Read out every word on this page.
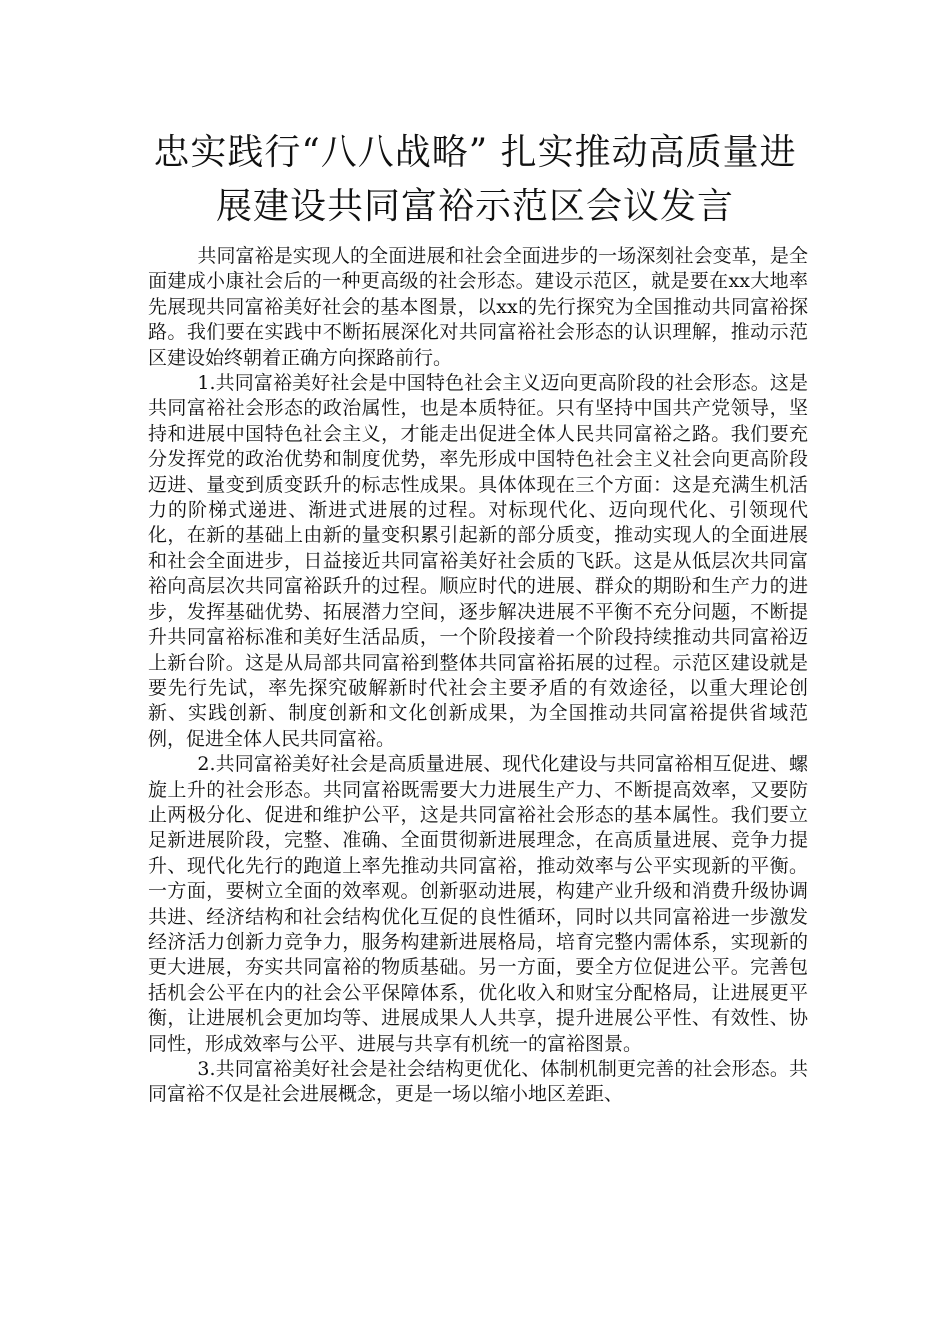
忠实践行“八八战略” 扎实推动高质量进展建设共同富裕示范区会议发言

共同富裕是实现人的全面进展和社会全面进步的一场深刻社会变革，是全面建成小康社会后的一种更高级的社会形态。建设示范区，就是要在xx大地率先展现共同富裕美好社会的基本图景，以xx的先行探究为全国推动共同富裕探路。我们要在实践中不断拓展深化对共同富裕社会形态的认识理解，推动示范区建设始终朝着正确方向探路前行。

1.共同富裕美好社会是中国特色社会主义迈向更高阶段的社会形态。这是共同富裕社会形态的政治属性，也是本质特征。只有坚持中国共产党领导，坚持和进展中国特色社会主义，才能走出促进全体人民共同富裕之路。我们要充分发挥党的政治优势和制度优势，率先形成中国特色社会主义社会向更高阶段迈进、量变到质变跃升的标志性成果。具体体现在三个方面：这是充满生机活力的阶梯式递进、渐进式进展的过程。对标现代化、迈向现代化、引领现代化，在新的基础上由新的量变积累引起新的部分质变，推动实现人的全面进展和社会全面进步，日益接近共同富裕美好社会质的飞跃。这是从低层次共同富裕向高层次共同富裕跃升的过程。顺应时代的进展、群众的期盼和生产力的进步，发挥基础优势、拓展潜力空间，逐步解决进展不平衡不充分问题，不断提升共同富裕标准和美好生活品质，一个阶段接着一个阶段持续推动共同富裕迈上新台阶。这是从局部共同富裕到整体共同富裕拓展的过程。示范区建设就是要先行先试，率先探究破解新时代社会主要矛盾的有效途径，以重大理论创新、实践创新、制度创新和文化创新成果，为全国推动共同富裕提供省域范例，促进全体人民共同富裕。

2.共同富裕美好社会是高质量进展、现代化建设与共同富裕相互促进、螺旋上升的社会形态。共同富裕既需要大力进展生产力、不断提高效率，又要防止两极分化、促进和维护公平，这是共同富裕社会形态的基本属性。我们要立足新进展阶段，完整、准确、全面贯彻新进展理念，在高质量进展、竞争力提升、现代化先行的跑道上率先推动共同富裕，推动效率与公平实现新的平衡。一方面，要树立全面的效率观。创新驱动进展，构建产业升级和消费升级协调共进、经济结构和社会结构优化互促的良性循环，同时以共同富裕进一步激发经济活力创新力竞争力，服务构建新进展格局，培育完整内需体系，实现新的更大进展，夯实共同富裕的物质基础。另一方面，要全方位促进公平。完善包括机会公平在内的社会公平保障体系，优化收入和财宝分配格局，让进展更平衡，让进展机会更加均等、进展成果人人共享，提升进展公平性、有效性、协同性，形成效率与公平、进展与共享有机统一的富裕图景。

3.共同富裕美好社会是社会结构更优化、体制机制更完善的社会形态。共同富裕不仅是社会进展概念，更是一场以缩小地区差距、
